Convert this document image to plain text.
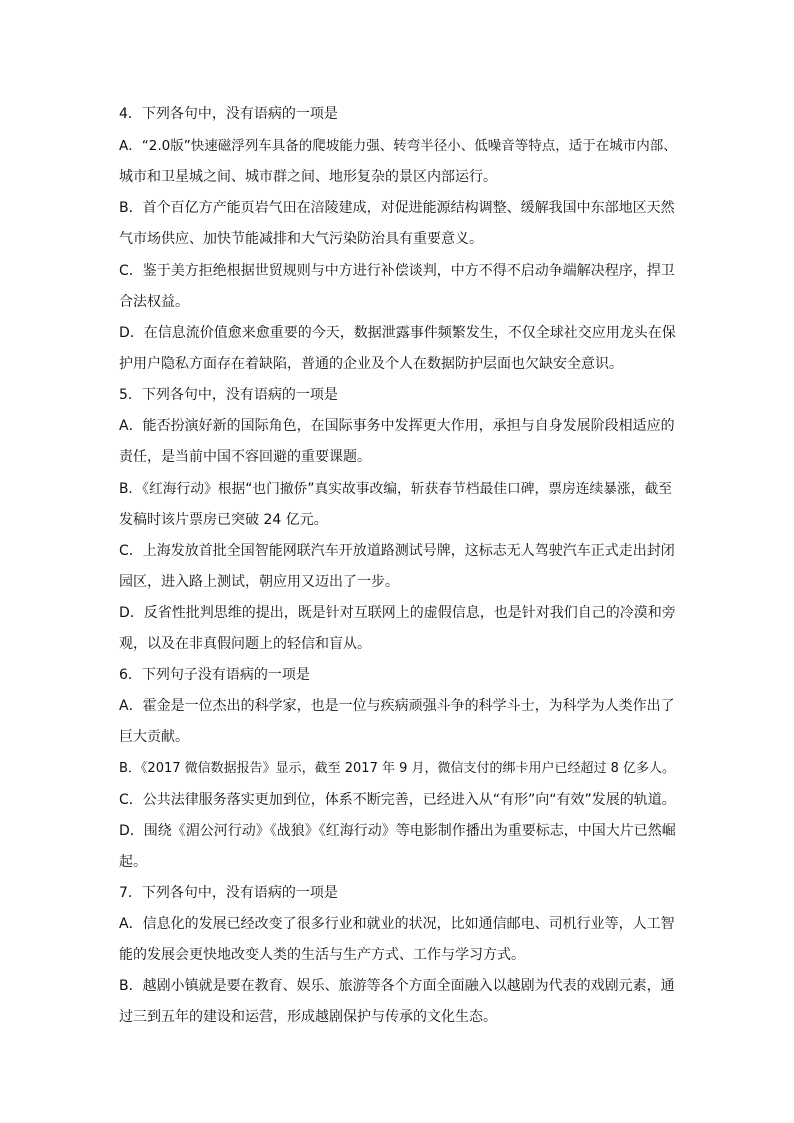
4．下列各句中，没有语病的一项是
A．“2.0版”快速磁浮列车具备的爬坡能力强、转弯半径小、低噪音等特点，适于在城市内部、
城市和卫星城之间、城市群之间、地形复杂的景区内部运行。
B．首个百亿方产能页岩气田在涪陵建成，对促进能源结构调整、缓解我国中东部地区天然
气市场供应、加快节能减排和大气污染防治具有重要意义。
C．鉴于美方拒绝根据世贸规则与中方进行补偿谈判，中方不得不启动争端解决程序，捍卫
合法权益。
D．在信息流价值愈来愈重要的今天，数据泄露事件频繁发生，不仅全球社交应用龙头在保
护用户隐私方面存在着缺陷，普通的企业及个人在数据防护层面也欠缺安全意识。
5．下列各句中，没有语病的一项是
A．能否扮演好新的国际角色，在国际事务中发挥更大作用，承担与自身发展阶段相适应的
责任，是当前中国不容回避的重要课题。
B．《红海行动》根据“也门撤侨”真实故事改编，斩获春节档最佳口碑，票房连续暴涨，截至
发稿时该片票房已突破 24 亿元。
C．上海发放首批全国智能网联汽车开放道路测试号牌，这标志无人驾驶汽车正式走出封闭
园区，进入路上测试，朝应用又迈出了一步。
D．反省性批判思维的提出，既是针对互联网上的虚假信息，也是针对我们自己的冷漠和旁
观，以及在非真假问题上的轻信和盲从。
6．下列句子没有语病的一项是
A．霍金是一位杰出的科学家，也是一位与疾病顽强斗争的科学斗士，为科学为人类作出了
巨大贡献。
B．《2017 微信数据报告》显示，截至 2017 年 9 月，微信支付的绑卡用户已经超过 8 亿多人。
C．公共法律服务落实更加到位，体系不断完善，已经进入从“有形”向“有效”发展的轨道。
D．围绕《湄公河行动》《战狼》《红海行动》等电影制作播出为重要标志，中国大片已然崛
起。
7．下列各句中，没有语病的一项是
A．信息化的发展已经改变了很多行业和就业的状况，比如通信邮电、司机行业等，人工智
能的发展会更快地改变人类的生活与生产方式、工作与学习方式。
B．越剧小镇就是要在教育、娱乐、旅游等各个方面全面融入以越剧为代表的戏剧元素，通
过三到五年的建设和运营，形成越剧保护与传承的文化生态。
